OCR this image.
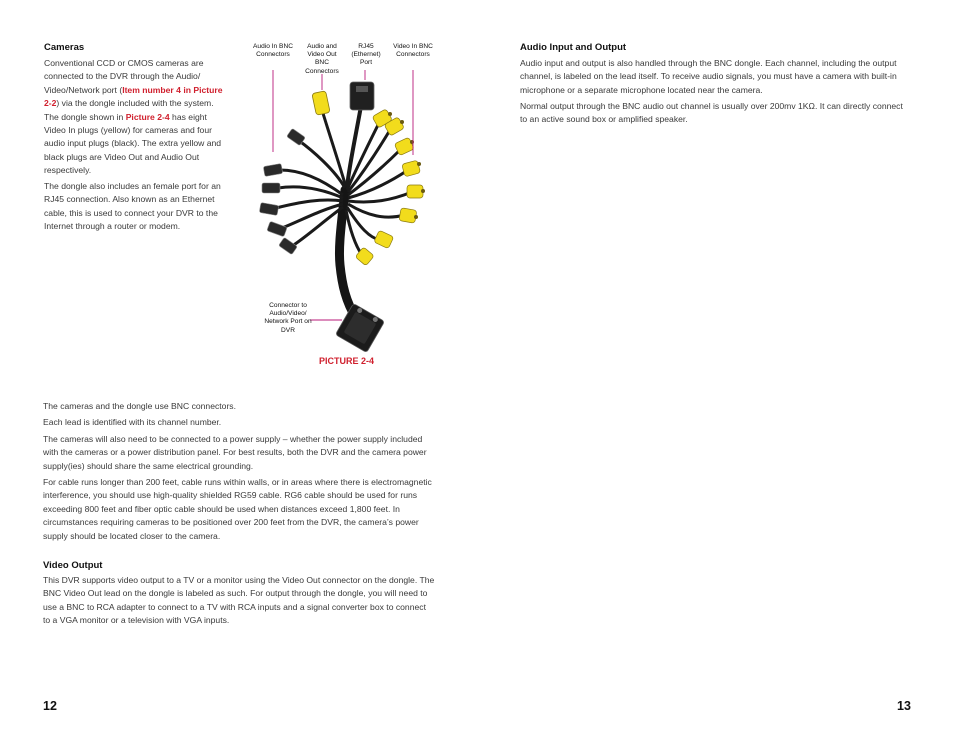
Cameras

Conventional CCD or CMOS cameras are connected to the DVR through the Audio/ Video/Network port (Item number 4 in Picture 2-2) via the dongle included with the system. The dongle shown in Picture 2-4 has eight Video In plugs (yellow) for cameras and four audio input plugs (black). The extra yellow and black plugs are Video Out and Audio Out respectively.

The dongle also includes an female port for an RJ45 connection. Also known as an Ethernet cable, this is used to connect your DVR to the Internet through a router or modem.

Audio In BNC Connectors
Audio and Video Out BNC Connectors
RJ45 (Ethernet) Port
Video In BNC Connectors
Connector to Audio/Video/ Network Port on DVR
PICTURE 2-4

The cameras and the dongle use BNC connectors.

Each lead is identified with its channel number.

The cameras will also need to be connected to a power supply – whether the power supply included with the cameras or a power distribution panel. For best results, both the DVR and the camera power supply(ies) should share the same electrical grounding.

For cable runs longer than 200 feet, cable runs within walls, or in areas where there is electromagnetic interference, you should use high-quality shielded RG59 cable. RG6 cable should be used for runs exceeding 800 feet and fiber optic cable should be used when distances exceed 1,800 feet. In circumstances requiring cameras to be positioned over 200 feet from the DVR, the camera’s power supply should be located closer to the camera.

Video Output

This DVR supports video output to a TV or a monitor using the Video Out connector on the dongle. The BNC Video Out lead on the dongle is labeled as such. For output through the dongle, you will need to use a BNC to RCA adapter to connect to a TV with RCA inputs and a signal converter box to connect to a VGA monitor or a television with VGA inputs.

12
Audio Input and Output

Audio input and output is also handled through the BNC dongle. Each channel, including the output channel, is labeled on the lead itself. To receive audio signals, you must have a camera with built-in microphone or a separate microphone located near the camera.

Normal output through the BNC audio out channel is usually over 200mv 1KΩ. It can directly connect to an active sound box or amplified speaker.

13
